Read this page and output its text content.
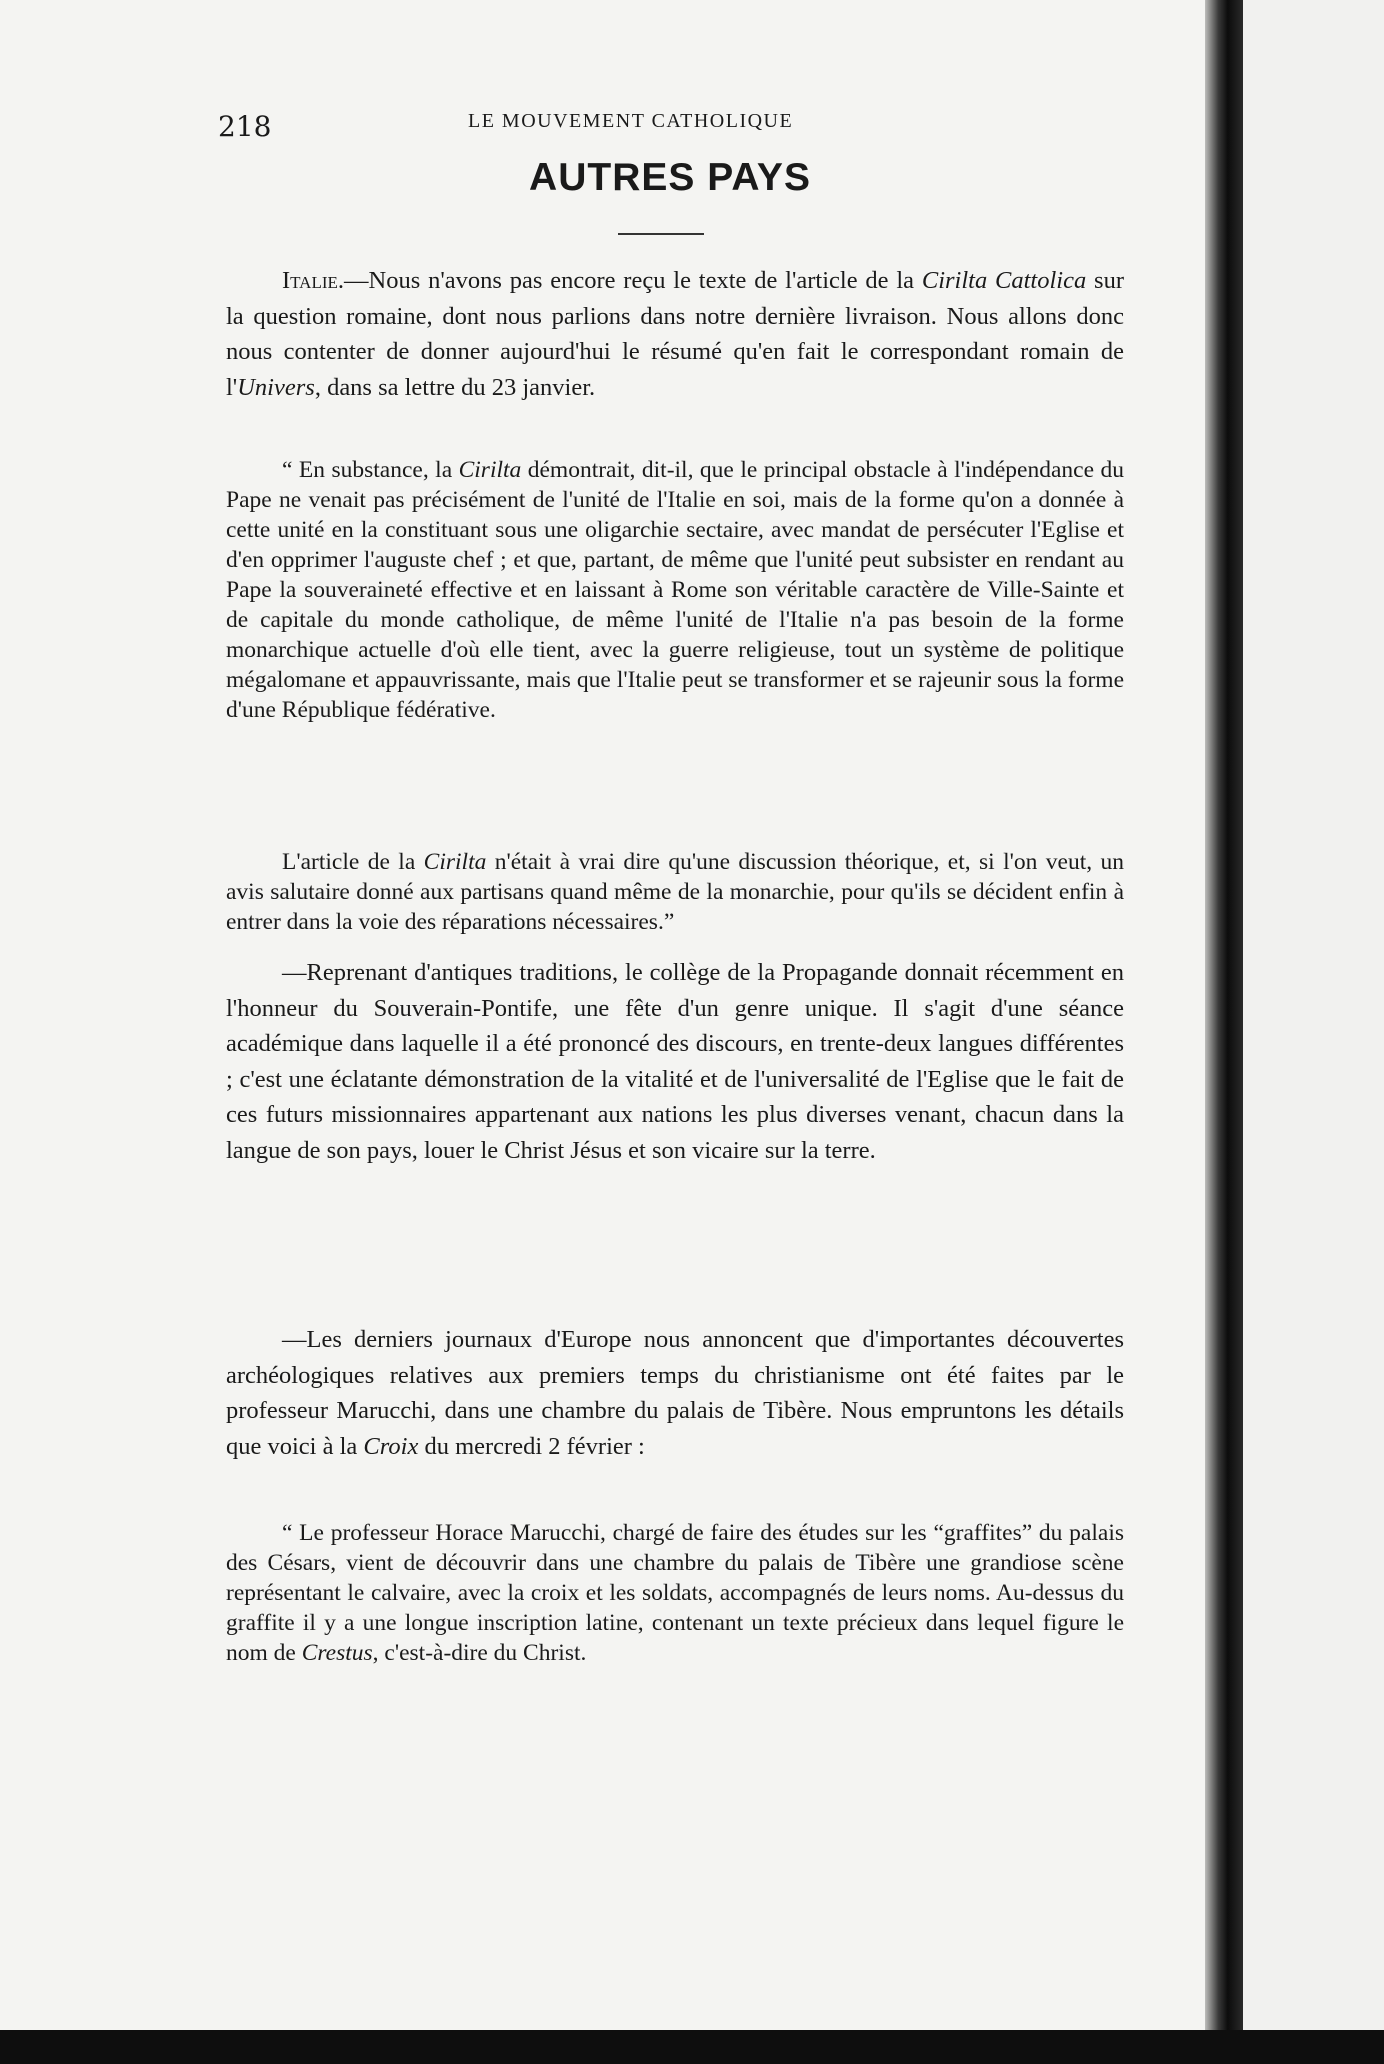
218	LE MOUVEMENT CATHOLIQUE
AUTRES PAYS

Italie.—Nous n'avons pas encore reçu le texte de l'article de la Cirilta Cattolica sur la question romaine, dont nous parlions dans notre dernière livraison. Nous allons donc nous contenter de donner aujourd'hui le résumé qu'en fait le correspondant romain de l'Univers, dans sa lettre du 23 janvier.

“ En substance, la Cirilta démontrait, dit-il, que le principal obstacle à l'indépendance du Pape ne venait pas précisément de l'unité de l'Italie en soi, mais de la forme qu'on a donnée à cette unité en la constituant sous une oligarchie sectaire, avec mandat de persécuter l'Eglise et d'en opprimer l'auguste chef ; et que, partant, de même que l'unité peut subsister en rendant au Pape la souveraineté effective et en laissant à Rome son véritable caractère de Ville-Sainte et de capitale du monde catholique, de même l'unité de l'Italie n'a pas besoin de la forme monarchique actuelle d'où elle tient, avec la guerre religieuse, tout un système de politique mégalomane et appauvrissante, mais que l'Italie peut se transformer et se rajeunir sous la forme d'une République fédérative.

L'article de la Cirilta n'était à vrai dire qu'une discussion théorique, et, si l'on veut, un avis salutaire donné aux partisans quand même de la monarchie, pour qu'ils se décident enfin à entrer dans la voie des réparations nécessaires.”

—Reprenant d'antiques traditions, le collège de la Propagande donnait récemment en l'honneur du Souverain-Pontife, une fête d'un genre unique. Il s'agit d'une séance académique dans laquelle il a été prononcé des discours, en trente-deux langues différentes ; c'est une éclatante démonstration de la vitalité et de l'universalité de l'Eglise que le fait de ces futurs missionnaires appartenant aux nations les plus diverses venant, chacun dans la langue de son pays, louer le Christ Jésus et son vicaire sur la terre.

—Les derniers journaux d'Europe nous annoncent que d'importantes découvertes archéologiques relatives aux premiers temps du christianisme ont été faites par le professeur Marucchi, dans une chambre du palais de Tibère. Nous empruntons les détails que voici à la Croix du mercredi 2 février :

“ Le professeur Horace Marucchi, chargé de faire des études sur les “graffites” du palais des Césars, vient de découvrir dans une chambre du palais de Tibère une grandiose scène représentant le calvaire, avec la croix et les soldats, accompagnés de leurs noms. Au-dessus du graffite il y a une longue inscription latine, contenant un texte précieux dans lequel figure le nom de Crestus, c'est-à-dire du Christ.
